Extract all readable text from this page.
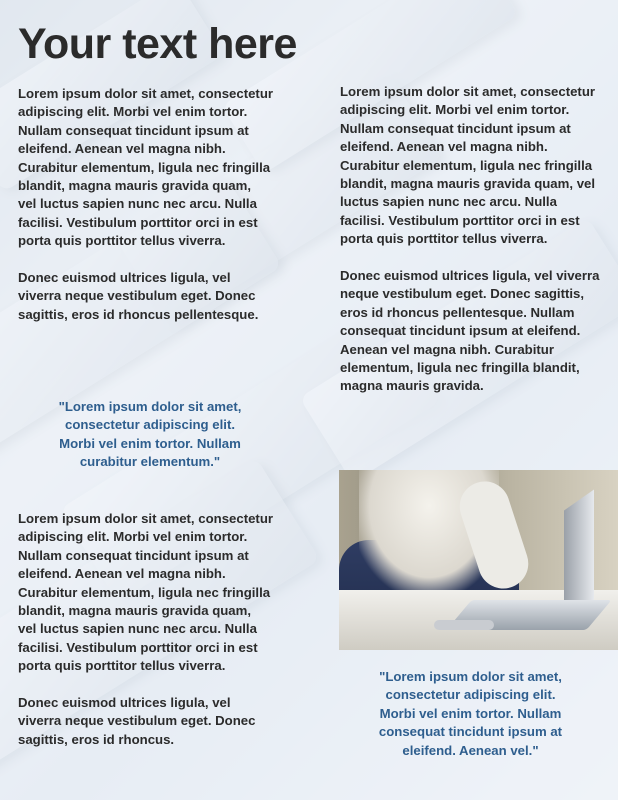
Your text here

Lorem ipsum dolor sit amet, consectetur adipiscing elit. Morbi vel enim tortor. Nullam consequat tincidunt ipsum at eleifend. Aenean vel magna nibh. Curabitur elementum, ligula nec fringilla blandit, magna mauris gravida quam, vel luctus sapien nunc nec arcu. Nulla facilisi. Vestibulum porttitor orci in est porta quis porttitor tellus viverra.

Donec euismod ultrices ligula, vel viverra neque vestibulum eget. Donec sagittis, eros id rhoncus pellentesque.

"Lorem ipsum dolor sit amet, consectetur adipiscing elit. Morbi vel enim tortor. Nullam curabitur elementum."

Lorem ipsum dolor sit amet, consectetur adipiscing elit. Morbi vel enim tortor. Nullam consequat tincidunt ipsum at eleifend. Aenean vel magna nibh. Curabitur elementum, ligula nec fringilla blandit, magna mauris gravida quam, vel luctus sapien nunc nec arcu. Nulla facilisi. Vestibulum porttitor orci in est porta quis porttitor tellus viverra.

Donec euismod ultrices ligula, vel viverra neque vestibulum eget. Donec sagittis, eros id rhoncus.

Lorem ipsum dolor sit amet, consectetur adipiscing elit. Morbi vel enim tortor. Nullam consequat tincidunt ipsum at eleifend. Aenean vel magna nibh. Curabitur elementum, ligula nec fringilla blandit, magna mauris gravida quam, vel luctus sapien nunc nec arcu. Nulla facilisi. Vestibulum porttitor orci in est porta quis porttitor tellus viverra.

Donec euismod ultrices ligula, vel viverra neque vestibulum eget. Donec sagittis, eros id rhoncus pellentesque. Nullam consequat tincidunt ipsum at eleifend. Aenean vel magna nibh. Curabitur elementum, ligula nec fringilla blandit, magna mauris gravida.

"Lorem ipsum dolor sit amet, consectetur adipiscing elit. Morbi vel enim tortor. Nullam consequat tincidunt ipsum at eleifend. Aenean vel."
